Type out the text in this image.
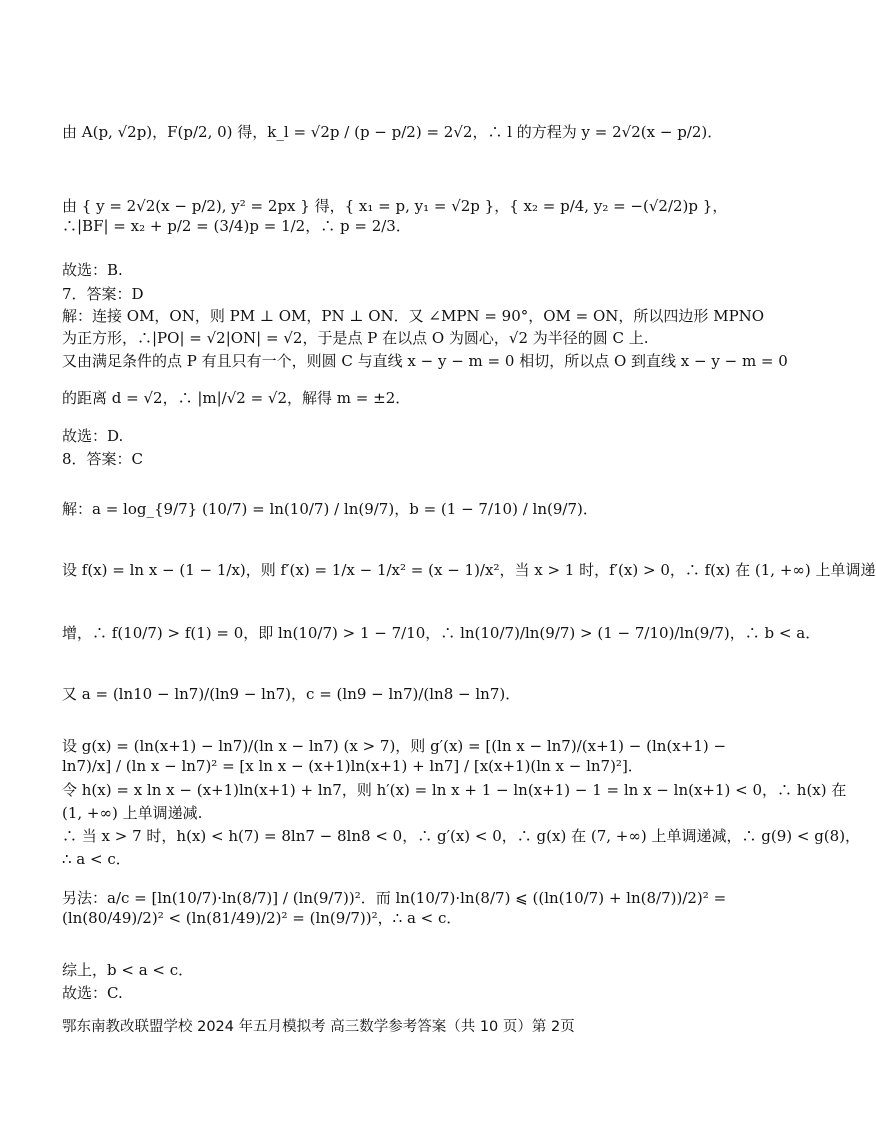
由 A(p, √2p)，F(p/2, 0) 得，k_l = √2p / (p − p/2) = 2√2，∴ l 的方程为 y = 2√2(x − p/2)．
由 { y = 2√2(x − p/2), y² = 2px } 得，{ x₁ = p, y₁ = √2p }，{ x₂ = p/4, y₂ = −(√2/2)p }，∴|BF| = x₂ + p/2 = (3/4)p = 1/2，∴ p = 2/3．
故选：B.
7．答案：D
解：连接 OM，ON，则 PM ⊥ OM，PN ⊥ ON．又 ∠MPN = 90°，OM = ON，所以四边形 MPNO
为正方形，∴|PO| = √2|ON| = √2，于是点 P 在以点 O 为圆心，√2 为半径的圆 C 上.
又由满足条件的点 P 有且只有一个，则圆 C 与直线 x − y − m = 0 相切，所以点 O 到直线 x − y − m = 0
的距离 d = √2，∴ |m|/√2 = √2，解得 m = ±2．
故选：D.
8．答案：C
解：a = log_{9/7} (10/7) = ln(10/7) / ln(9/7)，b = (1 − 7/10) / ln(9/7)．
设 f(x) = ln x − (1 − 1/x)，则 f′(x) = 1/x − 1/x² = (x − 1)/x²，当 x > 1 时，f′(x) > 0，∴ f(x) 在 (1, +∞) 上单调递
增，∴ f(10/7) > f(1) = 0，即 ln(10/7) > 1 − 7/10，∴ ln(10/7)/ln(9/7) > (1 − 7/10)/ln(9/7)，∴ b < a．
又 a = (ln10 − ln7)/(ln9 − ln7)，c = (ln9 − ln7)/(ln8 − ln7)．
设 g(x) = (ln(x+1) − ln7)/(ln x − ln7) (x > 7)，则 g′(x) = [(ln x − ln7)/(x+1) − (ln(x+1) − ln7)/x] / (ln x − ln7)² = [x ln x − (x+1)ln(x+1) + ln7] / [x(x+1)(ln x − ln7)²]．
令 h(x) = x ln x − (x+1)ln(x+1) + ln7，则 h′(x) = ln x + 1 − ln(x+1) − 1 = ln x − ln(x+1) < 0，∴ h(x) 在
(1, +∞) 上单调递减.
∴ 当 x > 7 时，h(x) < h(7) = 8ln7 − 8ln8 < 0，∴ g′(x) < 0，∴ g(x) 在 (7, +∞) 上单调递减，∴ g(9) < g(8)，
∴ a < c．
另法：a/c = [ln(10/7)·ln(8/7)] / (ln(9/7))²．而 ln(10/7)·ln(8/7) ⩽ ((ln(10/7) + ln(8/7))/2)² = (ln(80/49)/2)² < (ln(81/49)/2)² = (ln(9/7))²，∴ a < c．
综上，b < a < c．
故选：C.
鄂东南教改联盟学校 2024 年五月模拟考 高三数学参考答案（共 10 页）第 2页
